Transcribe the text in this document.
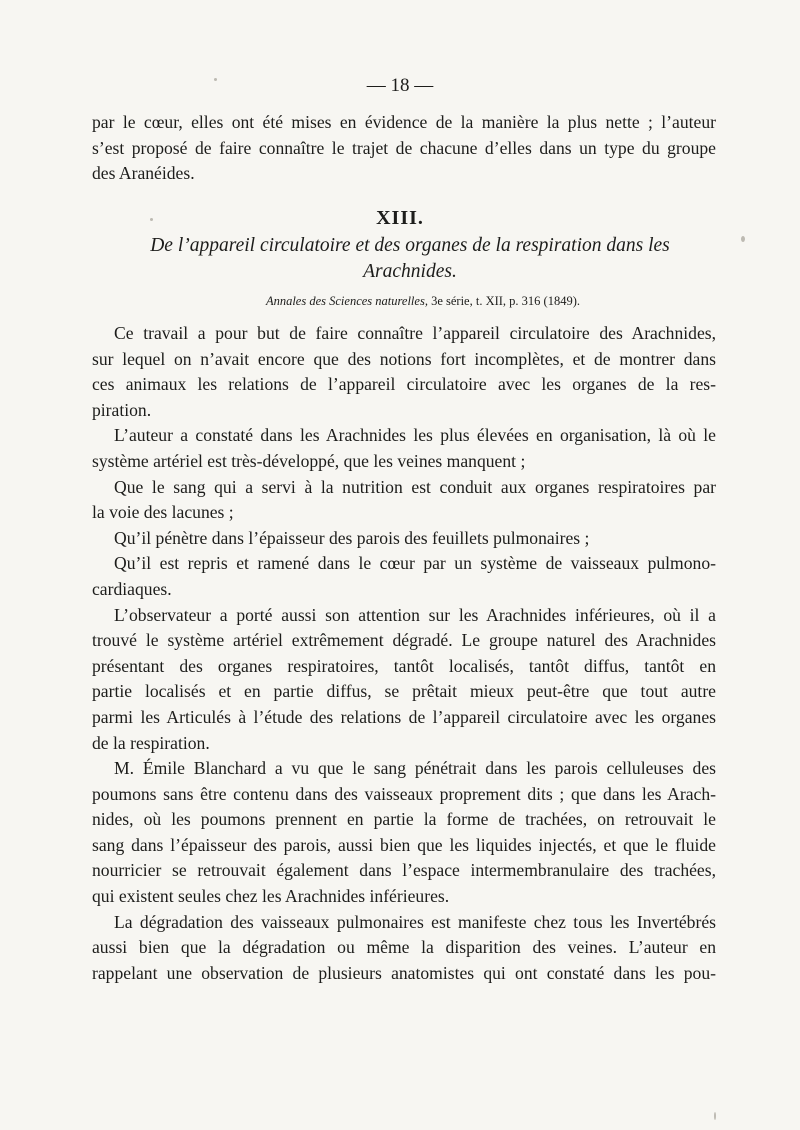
— 18 —

par le cœur, elles ont été mises en évidence de la manière la plus nette ; l’auteur
s’est proposé de faire connaître le trajet de chacune d’elles dans un type du groupe
des Aranéides.

XIII.
De l’appareil circulatoire et des organes de la respiration dans les
Arachnides.
Annales des Sciences naturelles, 3e série, t. XII, p. 316 (1849).

Ce travail a pour but de faire connaître l’appareil circulatoire des Arachnides,
sur lequel on n’avait encore que des notions fort incomplètes, et de montrer dans
ces animaux les relations de l’appareil circulatoire avec les organes de la res-
piration.

L’auteur a constaté dans les Arachnides les plus élevées en organisation, là où le
système artériel est très-développé, que les veines manquent ;

Que le sang qui a servi à la nutrition est conduit aux organes respiratoires par
la voie des lacunes ;

Qu’il pénètre dans l’épaisseur des parois des feuillets pulmonaires ;

Qu’il est repris et ramené dans le cœur par un système de vaisseaux pulmono-
cardiaques.

L’observateur a porté aussi son attention sur les Arachnides inférieures, où il a
trouvé le système artériel extrêmement dégradé. Le groupe naturel des Arachnides
présentant des organes respiratoires, tantôt localisés, tantôt diffus, tantôt en
partie localisés et en partie diffus, se prêtait mieux peut-être que tout autre
parmi les Articulés à l’étude des relations de l’appareil circulatoire avec les organes
de la respiration.

M. Émile Blanchard a vu que le sang pénétrait dans les parois celluleuses des
poumons sans être contenu dans des vaisseaux proprement dits ; que dans les Arach-
nides, où les poumons prennent en partie la forme de trachées, on retrouvait le
sang dans l’épaisseur des parois, aussi bien que les liquides injectés, et que le fluide
nourricier se retrouvait également dans l’espace intermembranulaire des trachées,
qui existent seules chez les Arachnides inférieures.

La dégradation des vaisseaux pulmonaires est manifeste chez tous les Invertébrés
aussi bien que la dégradation ou même la disparition des veines. L’auteur en
rappelant une observation de plusieurs anatomistes qui ont constaté dans les pou-
